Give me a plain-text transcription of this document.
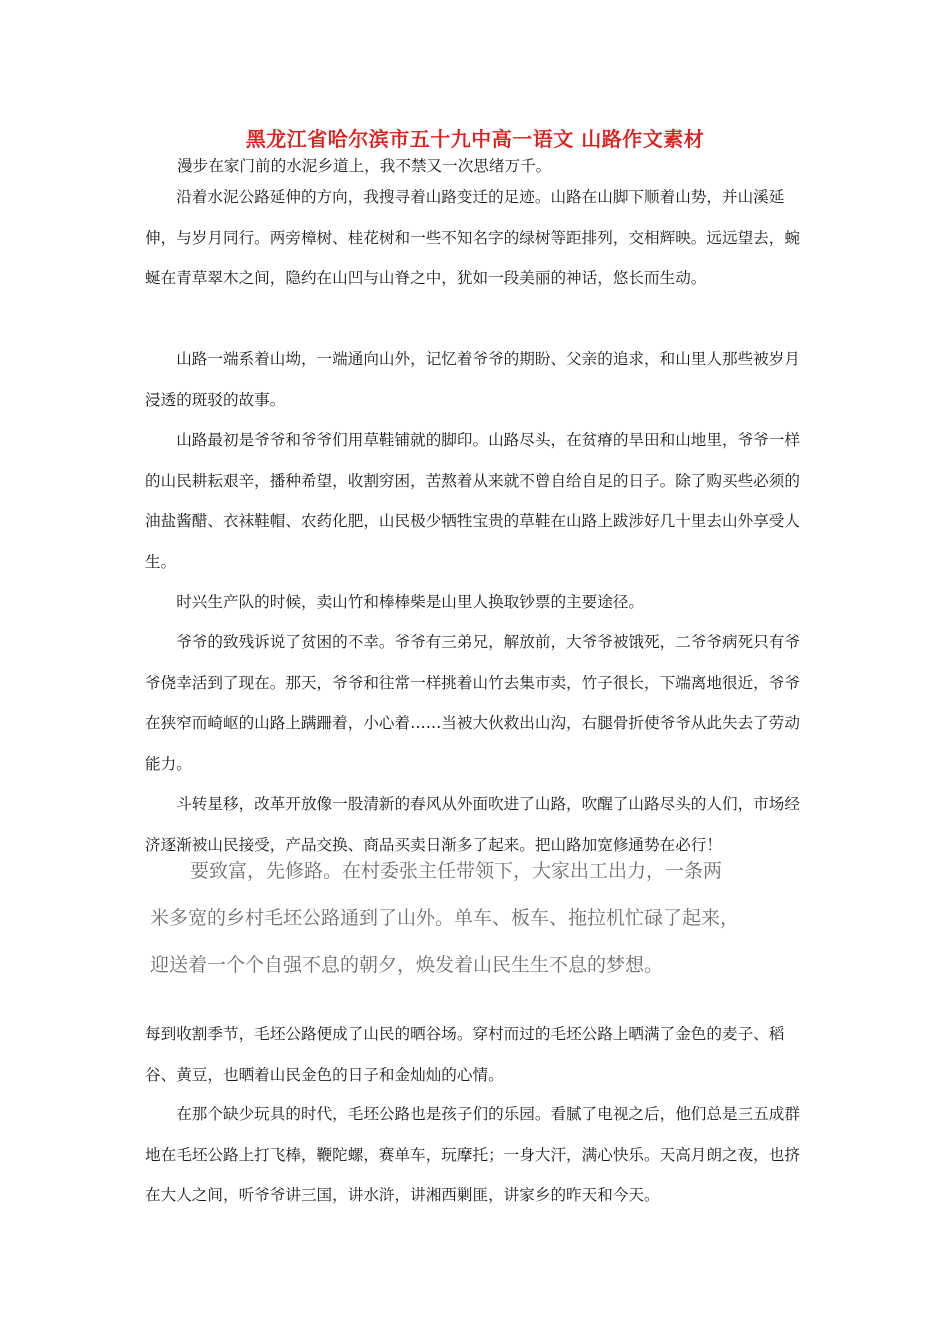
黑龙江省哈尔滨市五十九中高一语文 山路作文素材

漫步在家门前的水泥乡道上，我不禁又一次思绪万千。

沿着水泥公路延伸的方向，我搜寻着山路变迁的足迹。山路在山脚下顺着山势，并山溪延伸，与岁月同行。两旁樟树、桂花树和一些不知名字的绿树等距排列，交相辉映。远远望去，蜿蜒在青草翠木之间，隐约在山凹与山脊之中，犹如一段美丽的神话，悠长而生动。

山路一端系着山坳，一端通向山外，记忆着爷爷的期盼、父亲的追求，和山里人那些被岁月浸透的斑驳的故事。

山路最初是爷爷和爷爷们用草鞋铺就的脚印。山路尽头，在贫瘠的旱田和山地里，爷爷一样的山民耕耘艰辛，播种希望，收割穷困，苦熬着从来就不曾自给自足的日子。除了购买些必须的油盐酱醋、衣袜鞋帽、农药化肥，山民极少牺牲宝贵的草鞋在山路上跋涉好几十里去山外享受人生。

时兴生产队的时候，卖山竹和棒棒柴是山里人换取钞票的主要途径。

爷爷的致残诉说了贫困的不幸。爷爷有三弟兄，解放前，大爷爷被饿死，二爷爷病死只有爷爷侥幸活到了现在。那天，爷爷和往常一样挑着山竹去集市卖，竹子很长，下端离地很近，爷爷在狭窄而崎岖的山路上蹒跚着，小心着……当被大伙救出山沟，右腿骨折使爷爷从此失去了劳动能力。

斗转星移，改革开放像一股清新的春风从外面吹进了山路，吹醒了山路尽头的人们，市场经济逐渐被山民接受，产品交换、商品买卖日渐多了起来。把山路加宽修通势在必行！

要致富，先修路。在村委张主任带领下，大家出工出力，一条两
米多宽的乡村毛坯公路通到了山外。单车、板车、拖拉机忙碌了起来，
迎送着一个个自强不息的朝夕，焕发着山民生生不息的梦想。

每到收割季节，毛坯公路便成了山民的晒谷场。穿村而过的毛坯公路上晒满了金色的麦子、稻谷、黄豆，也晒着山民金色的日子和金灿灿的心情。

在那个缺少玩具的时代，毛坯公路也是孩子们的乐园。看腻了电视之后，他们总是三五成群地在毛坯公路上打飞棒，鞭陀螺，赛单车，玩摩托；一身大汗，满心快乐。天高月朗之夜，也挤在大人之间，听爷爷讲三国，讲水浒，讲湘西剿匪，讲家乡的昨天和今天。
